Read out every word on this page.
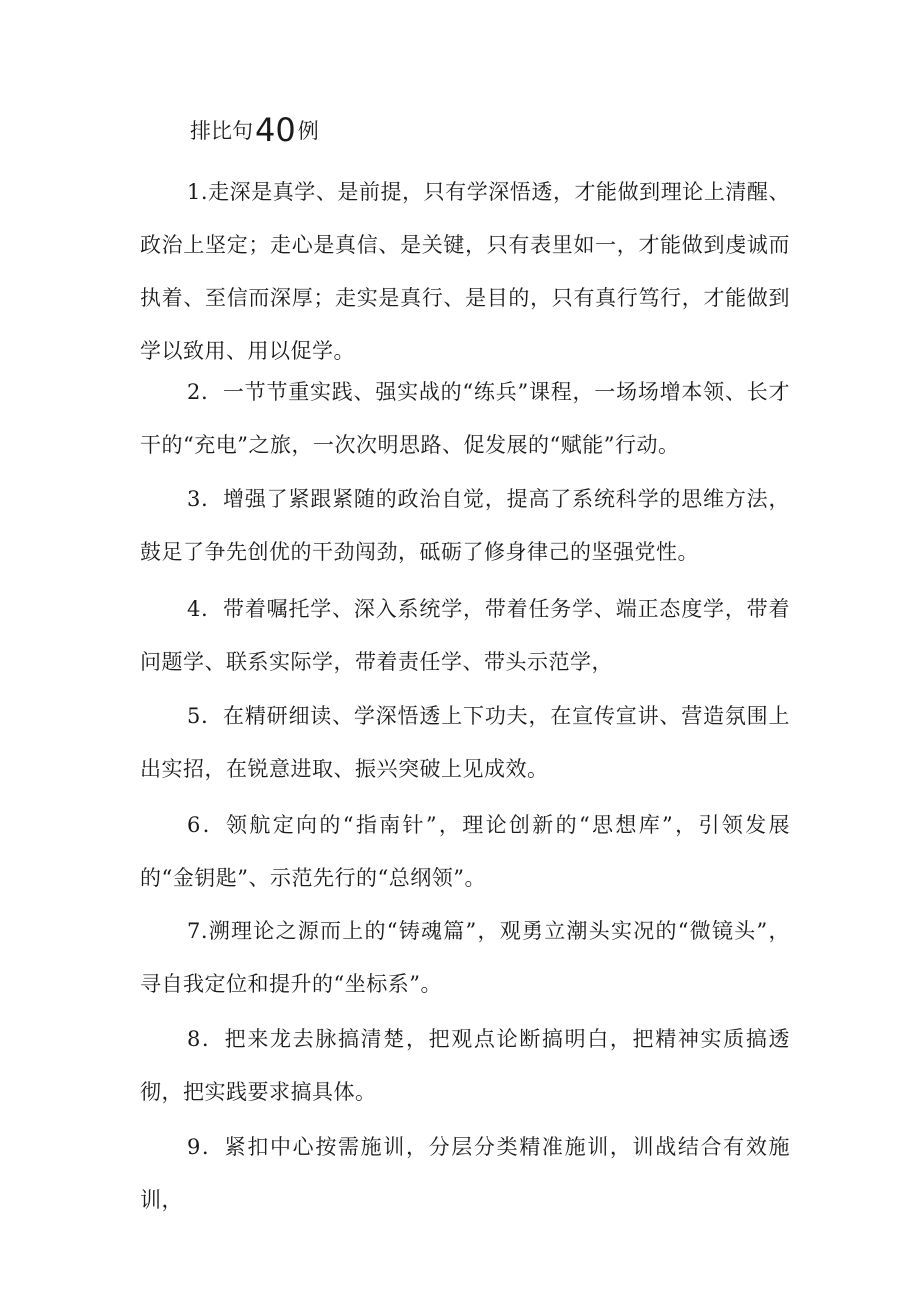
排比句40例

1.走深是真学、是前提，只有学深悟透，才能做到理论上清醒、政治上坚定；走心是真信、是关键，只有表里如一，才能做到虔诚而执着、至信而深厚；走实是真行、是目的，只有真行笃行，才能做到学以致用、用以促学。

2．一节节重实践、强实战的“练兵”课程，一场场增本领、长才干的“充电”之旅，一次次明思路、促发展的“赋能”行动。

3．增强了紧跟紧随的政治自觉，提高了系统科学的思维方法，鼓足了争先创优的干劲闯劲，砥砺了修身律己的坚强党性。

4．带着嘱托学、深入系统学，带着任务学、端正态度学，带着问题学、联系实际学，带着责任学、带头示范学，

5．在精研细读、学深悟透上下功夫，在宣传宣讲、营造氛围上出实招，在锐意进取、振兴突破上见成效。

6．领航定向的“指南针”，理论创新的“思想库”，引领发展的“金钥匙”、示范先行的“总纲领”。

7.溯理论之源而上的“铸魂篇”，观勇立潮头实况的“微镜头”，寻自我定位和提升的“坐标系”。

8．把来龙去脉搞清楚，把观点论断搞明白，把精神实质搞透彻，把实践要求搞具体。

9．紧扣中心按需施训，分层分类精准施训，训战结合有效施训，
